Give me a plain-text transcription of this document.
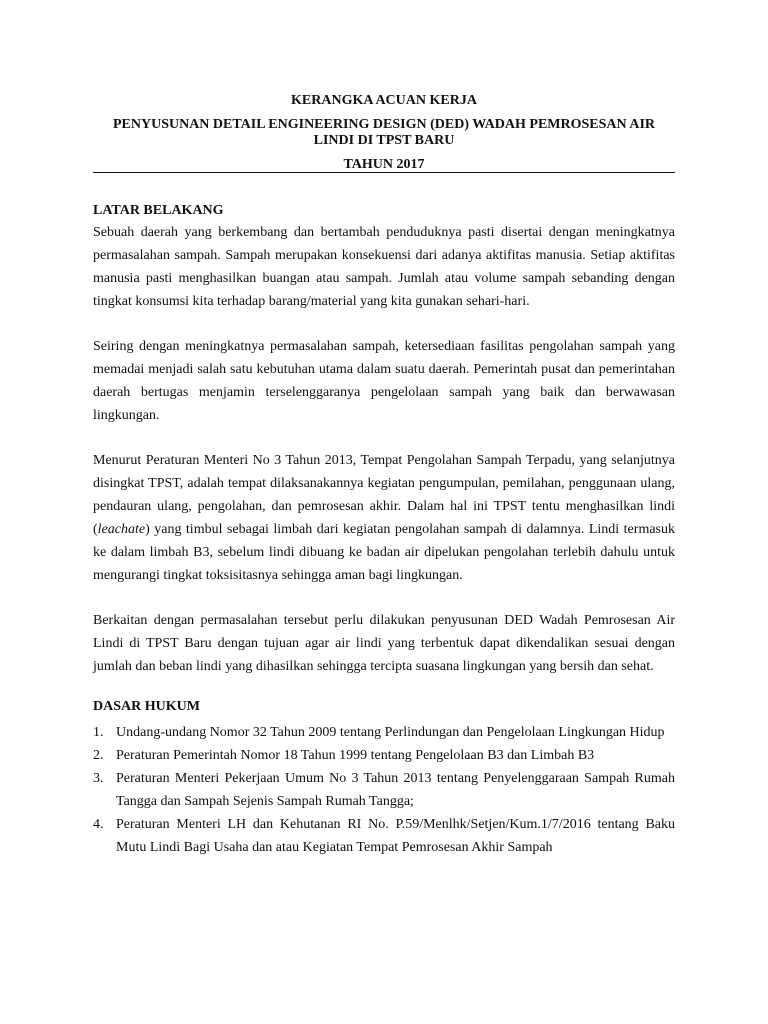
KERANGKA ACUAN KERJA

PENYUSUNAN DETAIL ENGINEERING DESIGN (DED) WADAH PEMROSESAN AIR LINDI DI TPST BARU

TAHUN 2017

LATAR BELAKANG

Sebuah daerah yang berkembang dan bertambah penduduknya pasti disertai dengan meningkatnya permasalahan sampah. Sampah merupakan konsekuensi dari adanya aktifitas manusia. Setiap aktifitas manusia pasti menghasilkan buangan atau sampah. Jumlah atau volume sampah sebanding dengan tingkat konsumsi kita terhadap barang/material yang kita gunakan sehari-hari.

Seiring dengan meningkatnya permasalahan sampah, ketersediaan fasilitas pengolahan sampah yang memadai menjadi salah satu kebutuhan utama dalam suatu daerah. Pemerintah pusat dan pemerintahan daerah bertugas menjamin terselenggaranya pengelolaan sampah yang baik dan berwawasan lingkungan.

Menurut Peraturan Menteri No 3 Tahun 2013, Tempat Pengolahan Sampah Terpadu, yang selanjutnya disingkat TPST, adalah tempat dilaksanakannya kegiatan pengumpulan, pemilahan, penggunaan ulang, pendauran ulang, pengolahan, dan pemrosesan akhir. Dalam hal ini TPST tentu menghasilkan lindi (leachate) yang timbul sebagai limbah dari kegiatan pengolahan sampah di dalamnya. Lindi termasuk ke dalam limbah B3, sebelum lindi dibuang ke badan air dipelukan pengolahan terlebih dahulu untuk mengurangi tingkat toksisitasnya sehingga aman bagi lingkungan.

Berkaitan dengan permasalahan tersebut perlu dilakukan penyusunan DED Wadah Pemrosesan Air Lindi di TPST Baru dengan tujuan agar air lindi yang terbentuk dapat dikendalikan sesuai dengan jumlah dan beban lindi yang dihasilkan sehingga tercipta suasana lingkungan yang bersih dan sehat.

DASAR HUKUM

1. Undang-undang Nomor 32 Tahun 2009 tentang Perlindungan dan Pengelolaan Lingkungan Hidup
2. Peraturan Pemerintah Nomor 18 Tahun 1999 tentang Pengelolaan B3 dan Limbah B3
3. Peraturan Menteri Pekerjaan Umum No 3 Tahun 2013 tentang Penyelenggaraan Sampah Rumah Tangga dan Sampah Sejenis Sampah Rumah Tangga;
4. Peraturan Menteri LH dan Kehutanan RI No. P.59/Menlhk/Setjen/Kum.1/7/2016 tentang Baku Mutu Lindi Bagi Usaha dan atau Kegiatan Tempat Pemrosesan Akhir Sampah
